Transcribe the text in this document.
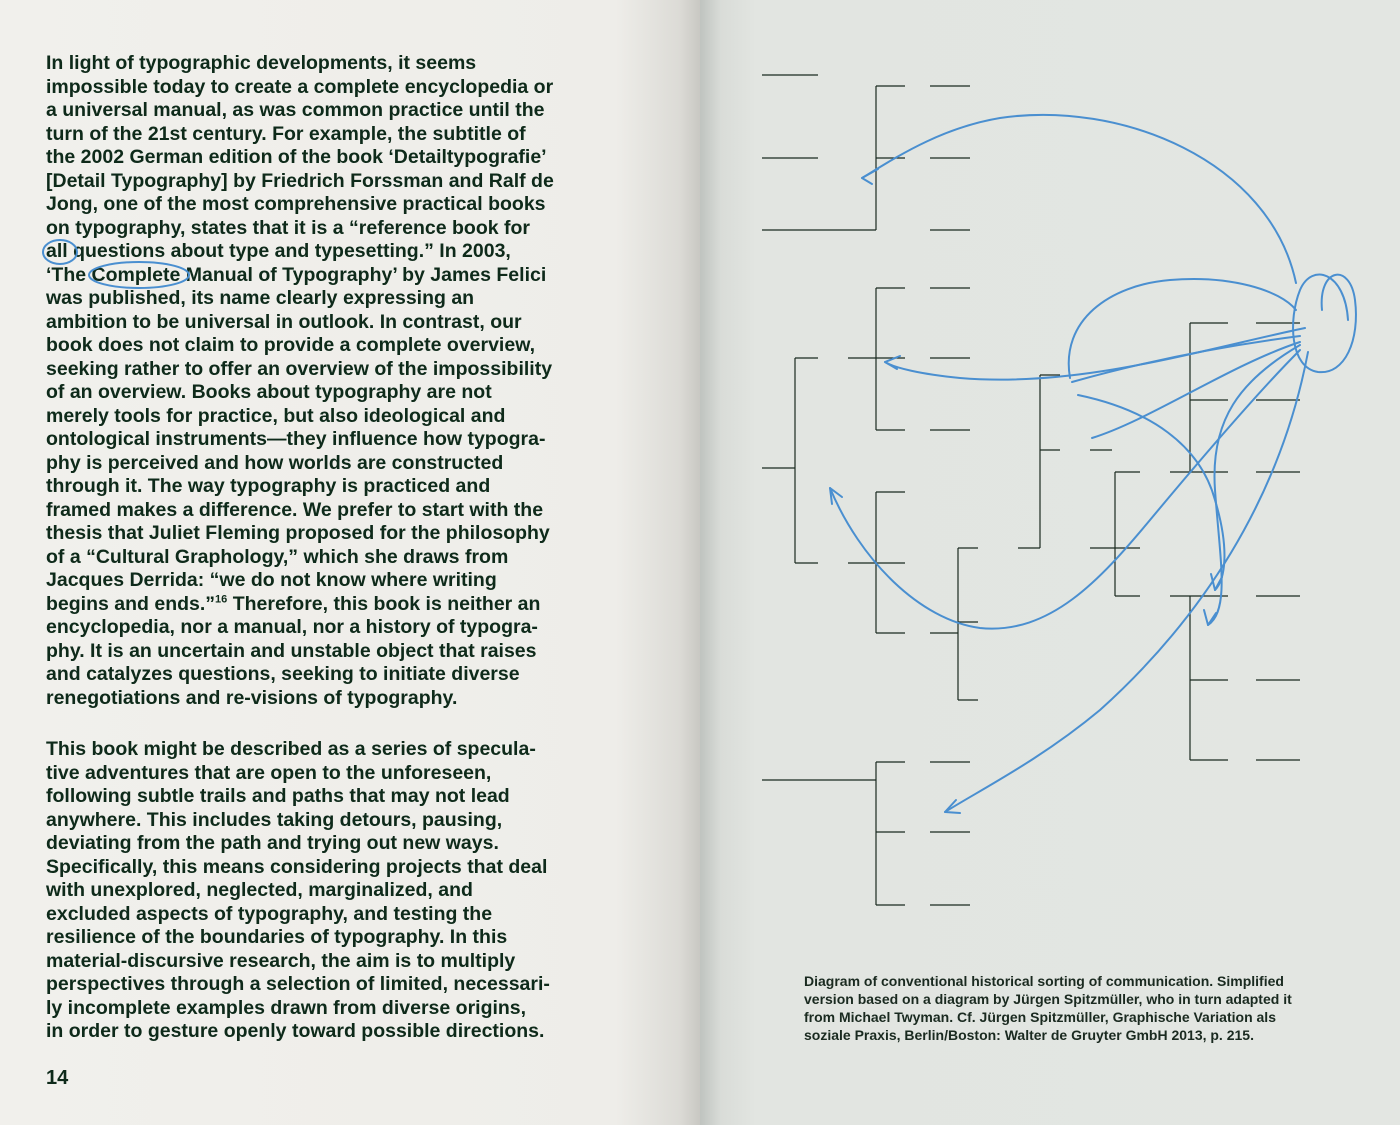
In light of typographic developments, it seems
impossible today to create a complete encyclopedia or
a universal manual, as was common practice until the
turn of the 21st century. For example, the subtitle of
the 2002 German edition of the book ‘Detailtypografie’
[Detail Typography] by Friedrich Forssman and Ralf de
Jong, one of the most comprehensive practical books
on typography, states that it is a “reference book for
all questions about type and typesetting.” In 2003,
‘The Complete Manual of Typography’ by James Felici
was published, its name clearly expressing an
ambition to be universal in outlook. In contrast, our
book does not claim to provide a complete overview,
seeking rather to offer an overview of the impossibility
of an overview. Books about typography are not
merely tools for practice, but also ideological and
ontological instruments—they influence how typogra-
phy is perceived and how worlds are constructed
through it. The way typography is practiced and
framed makes a difference. We prefer to start with the
thesis that Juliet Fleming proposed for the philosophy
of a “Cultural Graphology,” which she draws from
Jacques Derrida: “we do not know where writing
begins and ends.”$^{16}$ Therefore, this book is neither an
encyclopedia, nor a manual, nor a history of typogra-
phy. It is an uncertain and unstable object that raises
and catalyzes questions, seeking to initiate diverse
renegotiations and re-visions of typography.

This book might be described as a series of specula-
tive adventures that are open to the unforeseen,
following subtle trails and paths that may not lead
anywhere. This includes taking detours, pausing,
deviating from the path and trying out new ways.
Specifically, this means considering projects that deal
with unexplored, neglected, marginalized, and
excluded aspects of typography, and testing the
resilience of the boundaries of typography. In this
material-discursive research, the aim is to multiply
perspectives through a selection of limited, necessari-
ly incomplete examples drawn from diverse origins,
in order to gesture openly toward possible directions.

14

Diagram of conventional historical sorting of communication. Simplified
version based on a diagram by Jürgen Spitzmüller, who in turn adapted it
from Michael Twyman. Cf. Jürgen Spitzmüller, Graphische Variation als
soziale Praxis, Berlin/Boston: Walter de Gruyter GmbH 2013, p. 215.
